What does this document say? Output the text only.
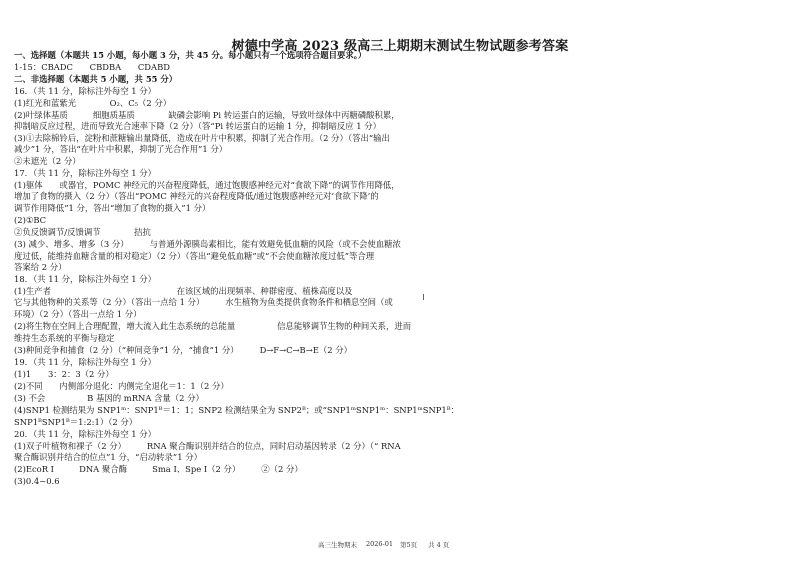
树德中学高 2023 级高三上期期末测试生物试题参考答案
一、选择题（本题共 15 小题，每小题 3 分，共 45 分。每小题只有一个选项符合题目要求。）
1-15：CBADC　　CBDBA　　CDABD
二、非选择题（本题共 5 小题，共 55 分）
16．（共 11 分，除标注外每空 1 分）
(1)红光和蓝紫光　　　　O₂、C₅（2 分）
(2)叶绿体基质　　　细胞质基质　　　　缺磷会影响 Pi 转运蛋白的运输，导致叶绿体中丙糖磷酸积累，
抑制暗反应过程，进而导致光合速率下降（2 分）（答“Pi 转运蛋白的运输 1 分，抑制暗反应 1 分）
(3)①去除棉铃后，淀粉和蔗糖输出量降低，造成在叶片中积累，抑制了光合作用。（2 分）（答出“输出
减少”1 分，答出“在叶片中积累，抑制了光合作用”1 分）
②未遮光（2 分）
17．（共 11 分，除标注外每空 1 分）
(1)躯体　　或器官，POMC 神经元的兴奋程度降低，通过饱腹感神经元对“食欲下降”的调节作用降低，
增加了食物的摄入（2 分）（答出“POMC 神经元的兴奋程度降低/通过饱腹感神经元对‘食欲下降’的
调节作用降低”1 分，答出“增加了食物的摄入”1 分）
(2)①BC
②负反馈调节/反馈调节　　　　拮抗
(3) 减少、增多、增多（3 分）　　　与普通外源胰岛素相比，能有效避免低血糖的风险（或不会使血糖浓
度过低，能维持血糖含量的相对稳定）（2 分）（答出“避免低血糖”或“不会使血糖浓度过低”等合理
答案给 2 分）
18．（共 11 分，除标注外每空 1 分）
(1)生产者　　　　　　　　　　　　　　　在该区域的出现频率、种群密度、植株高度以及
它与其他物种的关系等（2 分）（答出一点给 1 分）　　　水生植物为鱼类提供食物条件和栖息空间（或
环境）（2 分）（答出一点给 1 分）
(2)将生物在空间上合理配置，增大流入此生态系统的总能量　　　　　信息能够调节生物的种间关系，进而
维持生态系统的平衡与稳定
(3)种间竞争和捕食（2 分）（“种间竞争”1 分，“捕食”1 分）　　　D→F→C→B→E（2 分）
19．（共 11 分，除标注外每空 1 分）
(1)1　　3：2：3（2 分）
(2)不同　　内侧部分退化：内侧完全退化＝1：1（2 分）
(3) 不会　　　　　B 基因的 mRNA 含量（2 分）
(4)SNP1 检测结果为 SNP1ᵐ：SNP1ᴮ＝1：1；SNP2 检测结果全为 SNP2ᴮ；或“SNP1ᵐSNP1ᵐ：SNP1ᵐSNP1ᴮ：
SNP1ᴮSNP1ᴮ＝1:2:1）（2 分）
20．（共 11 分，除标注外每空 1 分）
(1)双子叶植物和裸子（2 分）　　　RNA 聚合酶识别并结合的位点，同时启动基因转录（2 分）（“ RNA
聚合酶识别并结合的位点”1 分，“启动转录”1 分）
(2)EcoR Ⅰ　　　DNA 聚合酶　　　Sma Ⅰ、Spe Ⅰ（2 分）　　　②（2 分）
(3)0.4~0.6
高三生物期末 2026-01 第5页 共 4 页
